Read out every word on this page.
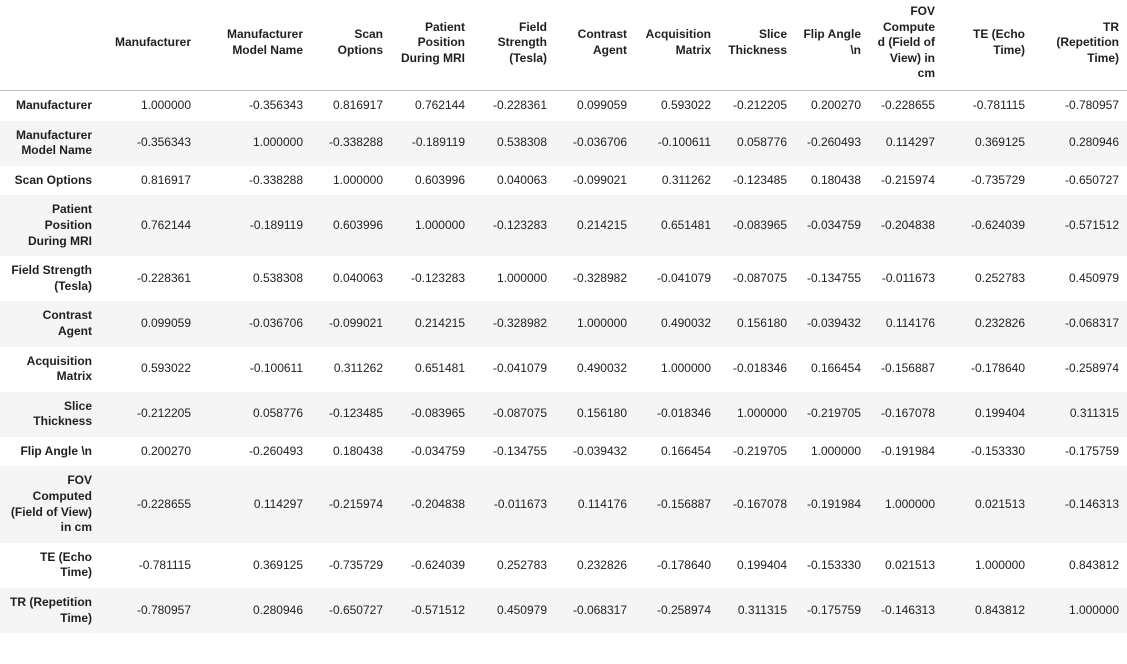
	Manufacturer	Manufacturer Model Name	Scan Options	Patient Position During MRI	Field Strength (Tesla)	Contrast Agent	Acquisition Matrix	Slice Thickness	Flip Angle \n	FOV Computed (Field of View) in cm	TE (Echo Time)	TR (Repetition Time)
Manufacturer	1.000000	-0.356343	0.816917	0.762144	-0.228361	0.099059	0.593022	-0.212205	0.200270	-0.228655	-0.781115	-0.780957
Manufacturer Model Name	-0.356343	1.000000	-0.338288	-0.189119	0.538308	-0.036706	-0.100611	0.058776	-0.260493	0.114297	0.369125	0.280946
Scan Options	0.816917	-0.338288	1.000000	0.603996	0.040063	-0.099021	0.311262	-0.123485	0.180438	-0.215974	-0.735729	-0.650727
Patient Position During MRI	0.762144	-0.189119	0.603996	1.000000	-0.123283	0.214215	0.651481	-0.083965	-0.034759	-0.204838	-0.624039	-0.571512
Field Strength (Tesla)	-0.228361	0.538308	0.040063	-0.123283	1.000000	-0.328982	-0.041079	-0.087075	-0.134755	-0.011673	0.252783	0.450979
Contrast Agent	0.099059	-0.036706	-0.099021	0.214215	-0.328982	1.000000	0.490032	0.156180	-0.039432	0.114176	0.232826	-0.068317
Acquisition Matrix	0.593022	-0.100611	0.311262	0.651481	-0.041079	0.490032	1.000000	-0.018346	0.166454	-0.156887	-0.178640	-0.258974
Slice Thickness	-0.212205	0.058776	-0.123485	-0.083965	-0.087075	0.156180	-0.018346	1.000000	-0.219705	-0.167078	0.199404	0.311315
Flip Angle \n	0.200270	-0.260493	0.180438	-0.034759	-0.134755	-0.039432	0.166454	-0.219705	1.000000	-0.191984	-0.153330	-0.175759
FOV Computed (Field of View) in cm	-0.228655	0.114297	-0.215974	-0.204838	-0.011673	0.114176	-0.156887	-0.167078	-0.191984	1.000000	0.021513	-0.146313
TE (Echo Time)	-0.781115	0.369125	-0.735729	-0.624039	0.252783	0.232826	-0.178640	0.199404	-0.153330	0.021513	1.000000	0.843812
TR (Repetition Time)	-0.780957	0.280946	-0.650727	-0.571512	0.450979	-0.068317	-0.258974	0.311315	-0.175759	-0.146313	0.843812	1.000000
